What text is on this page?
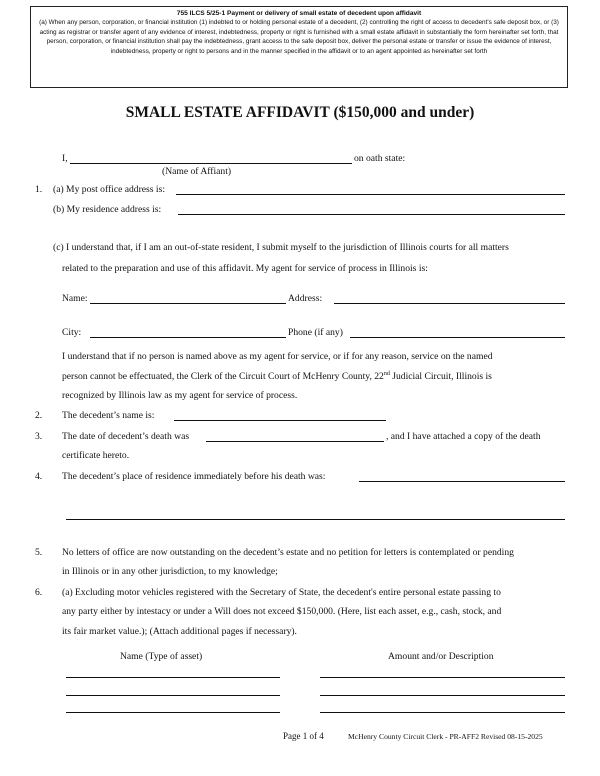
755 ILCS 5/25-1 Payment or delivery of small estate of decedent upon affidavit
(a) When any person, corporation, or financial institution (1) indebted to or holding personal estate of a decedent, (2) controlling the right of access to decedent's safe deposit box, or (3) acting as registrar or transfer agent of any evidence of interest, indebtedness, property or right is furnished with a small estate affidavit in substantially the form hereinafter set forth, that person, corporation, or financial institution shall pay the indebtedness, grant access to the safe deposit box, deliver the personal estate or transfer or issue the evidence of interest, indebtedness, property or right to persons and in the manner specified in the affidavit or to an agent appointed as hereinafter set forth
SMALL ESTATE AFFIDAVIT ($150,000 and under)
I,	on oath state:
(Name of Affiant)
1. (a) My post office address is:
(b) My residence address is:
(c) I understand that, if I am an out-of-state resident, I submit myself to the jurisdiction of Illinois courts for all matters
related to the preparation and use of this affidavit. My agent for service of process in Illinois is:
Name:	Address:
City:	Phone (if any)
I understand that if no person is named above as my agent for service, or if for any reason, service on the named
person cannot be effectuated, the Clerk of the Circuit Court of McHenry County, 22nd Judicial Circuit, Illinois is
recognized by Illinois law as my agent for service of process.
2. The decedent’s name is:
3. The date of decedent’s death was	, and I have attached a copy of the death
certificate hereto.
4. The decedent’s place of residence immediately before his death was:
5. No letters of office are now outstanding on the decedent’s estate and no petition for letters is contemplated or pending
in Illinois or in any other jurisdiction, to my knowledge;
6. (a) Excluding motor vehicles registered with the Secretary of State, the decedent's entire personal estate passing to
any party either by intestacy or under a Will does not exceed $150,000. (Here, list each asset, e.g., cash, stock, and
its fair market value.); (Attach additional pages if necessary).
Name (Type of asset)	Amount and/or Description
Page 1 of 4	McHenry County Circuit Clerk - PR-AFF2 Revised 08-15-2025
